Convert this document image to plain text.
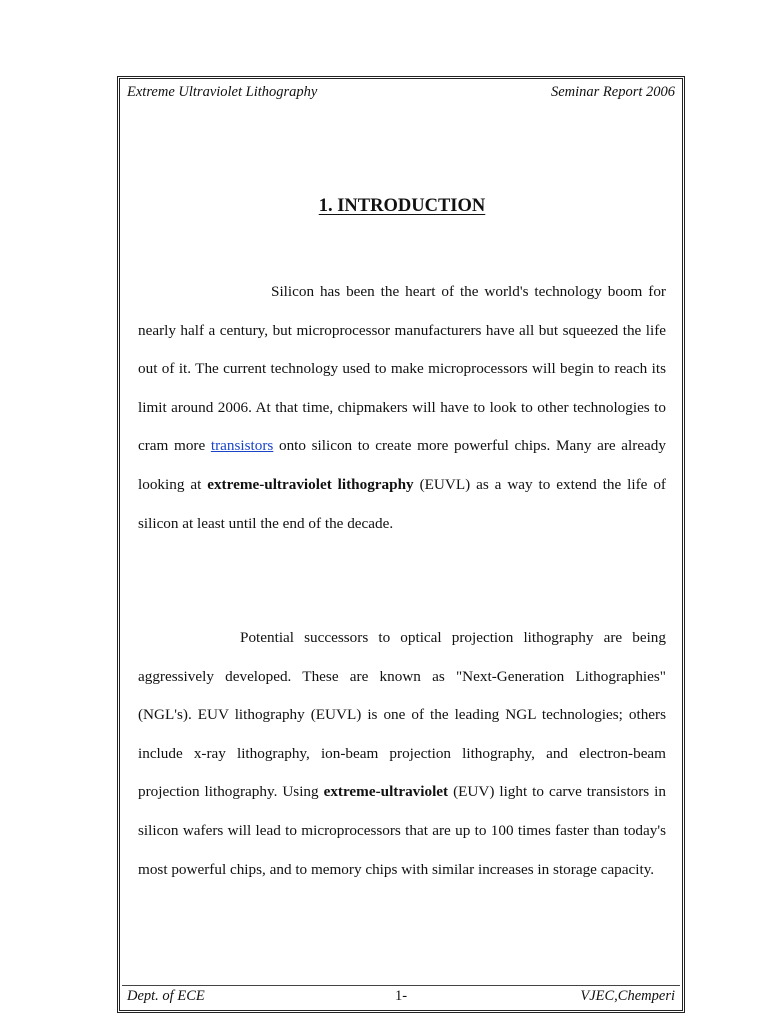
Extreme Ultraviolet Lithography	Seminar Report 2006
1. INTRODUCTION

Silicon has been the heart of the world's technology boom for nearly half a century, but microprocessor manufacturers have all but squeezed the life out of it. The current technology used to make microprocessors will begin to reach its limit around 2006. At that time, chipmakers will have to look to other technologies to cram more transistors onto silicon to create more powerful chips. Many are already looking at extreme-ultraviolet lithography (EUVL) as a way to extend the life of silicon at least until the end of the decade.

Potential successors to optical projection lithography are being aggressively developed. These are known as "Next-Generation Lithographies" (NGL's). EUV lithography (EUVL) is one of the leading NGL technologies; others include x-ray lithography, ion-beam projection lithography, and electron-beam projection lithography. Using extreme-ultraviolet (EUV) light to carve transistors in silicon wafers will lead to microprocessors that are up to 100 times faster than today's most powerful chips, and to memory chips with similar increases in storage capacity.

Dept. of ECE	1-	VJEC,Chemperi
